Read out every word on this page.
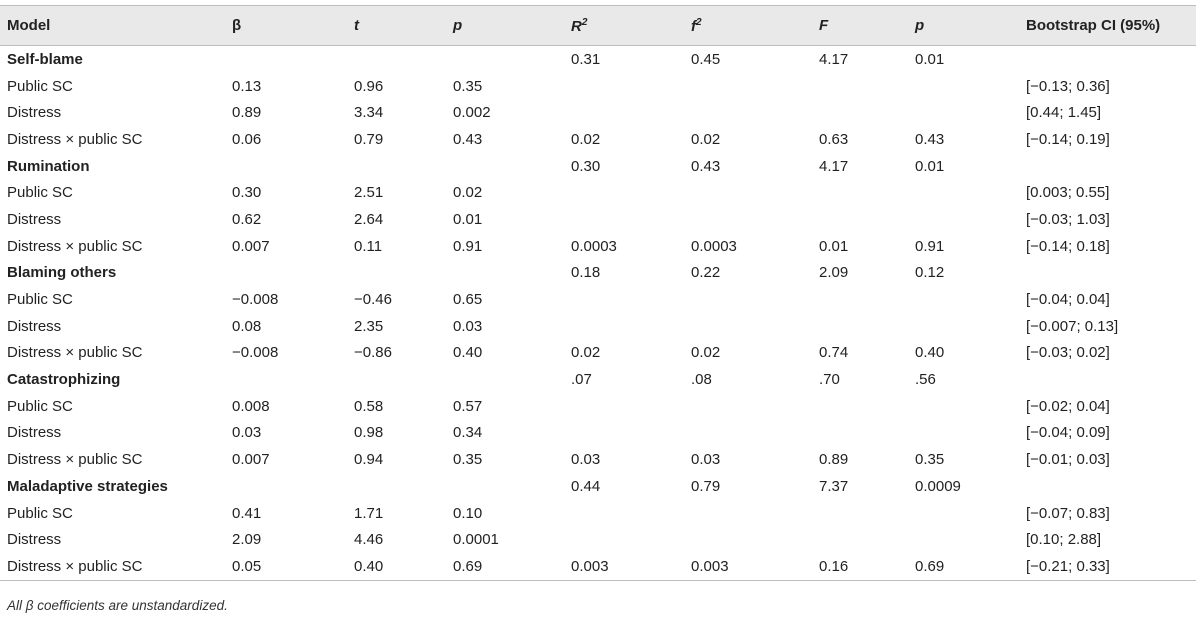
Model	β	t	p	$R^2$	$f^2$	F	p	Bootstrap CI (95%)
Self-blame				0.31	0.45	4.17	0.01	
Public SC	0.13	0.96	0.35					[−0.13; 0.36]
Distress	0.89	3.34	0.002					[0.44; 1.45]
Distress × public SC	0.06	0.79	0.43	0.02	0.02	0.63	0.43	[−0.14; 0.19]
Rumination				0.30	0.43	4.17	0.01	
Public SC	0.30	2.51	0.02					[0.003; 0.55]
Distress	0.62	2.64	0.01					[−0.03; 1.03]
Distress × public SC	0.007	0.11	0.91	0.0003	0.0003	0.01	0.91	[−0.14; 0.18]
Blaming others				0.18	0.22	2.09	0.12	
Public SC	−0.008	−0.46	0.65					[−0.04; 0.04]
Distress	0.08	2.35	0.03					[−0.007; 0.13]
Distress × public SC	−0.008	−0.86	0.40	0.02	0.02	0.74	0.40	[−0.03; 0.02]
Catastrophizing				.07	.08	.70	.56	
Public SC	0.008	0.58	0.57					[−0.02; 0.04]
Distress	0.03	0.98	0.34					[−0.04; 0.09]
Distress × public SC	0.007	0.94	0.35	0.03	0.03	0.89	0.35	[−0.01; 0.03]
Maladaptive strategies				0.44	0.79	7.37	0.0009	
Public SC	0.41	1.71	0.10					[−0.07; 0.83]
Distress	2.09	4.46	0.0001					[0.10; 2.88]
Distress × public SC	0.05	0.40	0.69	0.003	0.003	0.16	0.69	[−0.21; 0.33]
All β coefficients are unstandardized.
